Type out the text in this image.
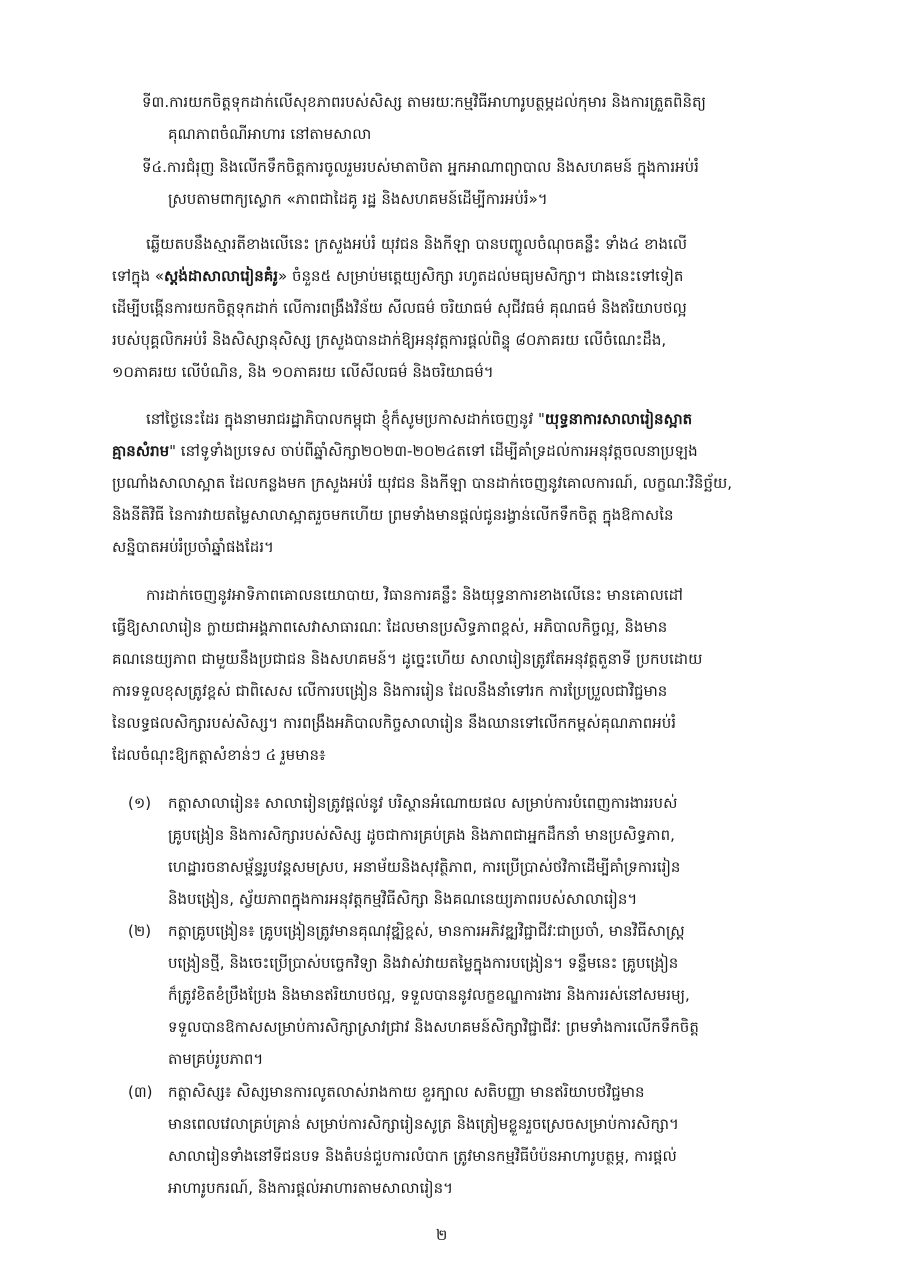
ទី៣.ការយកចិត្តទុកដាក់លើសុខភាពរបស់សិស្ស តាមរយៈកម្មវិធីអាហារូបត្ថម្ភដល់កុមារ និងការត្រួតពិនិត្យ
គុណភាពចំណីអាហារ នៅតាមសាលា
ទី៤.ការជំរុញ និងលើកទឹកចិត្តការចូលរួមរបស់មាតាបិតា អ្នកអាណាព្យាបាល និងសហគមន៍ ក្នុងការអប់រំ
ស្របតាមពាក្យស្លោក «ភាពជាដៃគូ រដ្ឋ និងសហគមន៍ដើម្បីការអប់រំ»។
ឆ្លើយតបនឹងស្មារតីខាងលើនេះ ក្រសួងអប់រំ យុវជន និងកីឡា បានបញ្ចូលចំណុចគន្លឹះ ទាំង៤ ខាងលើ
ទៅក្នុង «ស្តង់ដាសាលារៀនគំរូ» ចំនួន៥ សម្រាប់មត្តេយ្យសិក្សា រហូតដល់មធ្យមសិក្សា។ ជាងនេះទៅទៀត
ដើម្បីបង្កើនការយកចិត្តទុកដាក់ លើការពង្រឹងវិន័យ សីលធម៌ ចរិយាធម៌ សុជីវធម៌ គុណធម៌ និងឥរិយាបថល្អ
របស់បុគ្គលិកអប់រំ និងសិស្សានុសិស្ស ក្រសួងបានដាក់ឱ្យអនុវត្តការផ្តល់ពិន្ទុ ៨០ភាគរយ លើចំណេះដឹង,
១០ភាគរយ លើបំណិន, និង ១០ភាគរយ លើសីលធម៌ និងចរិយាធម៌។
នៅថ្ងៃនេះដែរ ក្នុងនាមរាជរដ្ឋាភិបាលកម្ពុជា ខ្ញុំក៏សូមប្រកាសដាក់ចេញនូវ "យុទ្ធនាការសាលារៀនស្អាត
គ្មានសំរាម" នៅទូទាំងប្រទេស ចាប់ពីឆ្នាំសិក្សា២០២៣-២០២៤តទៅ ដើម្បីគាំទ្រដល់ការអនុវត្តចលនាប្រឡង
ប្រណាំងសាលាស្អាត ដែលកន្លងមក ក្រសួងអប់រំ យុវជន និងកីឡា បានដាក់ចេញនូវគោលការណ៍, លក្ខណៈវិនិច្ឆ័យ,
និងនីតិវិធី នៃការវាយតម្លៃសាលាស្អាតរួចមកហើយ ព្រមទាំងមានផ្តល់ជូនរង្វាន់លើកទឹកចិត្ត ក្នុងឱកាសនៃ
សន្និបាតអប់រំប្រចាំឆ្នាំផងដែរ។
ការដាក់ចេញនូវអាទិភាពគោលនយោបាយ, វិធានការគន្លឹះ និងយុទ្ធនាការខាងលើនេះ មានគោលដៅ
ធ្វើឱ្យសាលារៀន ក្លាយជាអង្គភាពសេវាសាធារណៈ ដែលមានប្រសិទ្ធភាពខ្ពស់, អភិបាលកិច្ចល្អ, និងមាន
គណនេយ្យភាព ជាមួយនឹងប្រជាជន និងសហគមន៍។ ដូច្នេះហើយ សាលារៀនត្រូវតែអនុវត្តតួនាទី ប្រកបដោយ
ការទទួលខុសត្រូវខ្ពស់ ជាពិសេស លើការបង្រៀន និងការរៀន ដែលនឹងនាំទៅរក ការប្រែប្រួលជាវិជ្ជមាន
នៃលទ្ធផលសិក្សារបស់សិស្ស។ ការពង្រឹងអភិបាលកិច្ចសាលារៀន នឹងឈានទៅលើកកម្ពស់គុណភាពអប់រំ
ដែលចំណុះឱ្យកត្តាសំខាន់ៗ ៤ រួមមាន៖
(១) កត្តាសាលារៀន៖ សាលារៀនត្រូវផ្តល់នូវ បរិស្ថានអំណោយផល សម្រាប់ការបំពេញការងាររបស់
គ្រូបង្រៀន និងការសិក្សារបស់សិស្ស ដូចជាការគ្រប់គ្រង និងភាពជាអ្នកដឹកនាំ មានប្រសិទ្ធភាព,
ហេដ្ឋារចនាសម្ព័ន្ធរូបវន្តសមស្រប, អនាម័យនិងសុវត្ថិភាព, ការប្រើប្រាស់ថវិកាដើម្បីគាំទ្រការរៀន
និងបង្រៀន, ស្វ័យភាពក្នុងការអនុវត្តកម្មវិធីសិក្សា និងគណនេយ្យភាពរបស់សាលារៀន។
(២) កត្តាគ្រូបង្រៀន៖ គ្រូបង្រៀនត្រូវមានគុណវុឌ្ឍិខ្ពស់, មានការអភិវឌ្ឍវិជ្ជាជីវៈជាប្រចាំ, មានវិធីសាស្ត្រ
បង្រៀនថ្មី, និងចេះប្រើប្រាស់បច្ចេកវិទ្យា និងវាស់វាយតម្លៃក្នុងការបង្រៀន។ ទន្ទឹមនេះ គ្រូបង្រៀន
ក៏ត្រូវខិតខំប្រឹងប្រែង និងមានឥរិយាបថល្អ, ទទួលបាននូវលក្ខខណ្ឌការងារ និងការរស់នៅសមរម្យ,
ទទួលបានឱកាសសម្រាប់ការសិក្សាស្រាវជ្រាវ និងសហគមន៍សិក្សាវិជ្ជាជីវៈ ព្រមទាំងការលើកទឹកចិត្ត
តាមគ្រប់រូបភាព។
(៣) កត្តាសិស្ស៖ សិស្សមានការលូតលាស់រាងកាយ ខួរក្បាល សតិបញ្ញា មានឥរិយាបថវិជ្ជមាន
មានពេលវេលាគ្រប់គ្រាន់ សម្រាប់ការសិក្សារៀនសូត្រ និងត្រៀមខ្លួនរួចស្រេចសម្រាប់ការសិក្សា។
សាលារៀនទាំងនៅទីជនបទ និងតំបន់ជួបការលំបាក ត្រូវមានកម្មវិធីបំប៉នអាហារូបត្ថម្ភ, ការផ្តល់
អាហារូបករណ៍, និងការផ្តល់អាហារតាមសាលារៀន។
២
